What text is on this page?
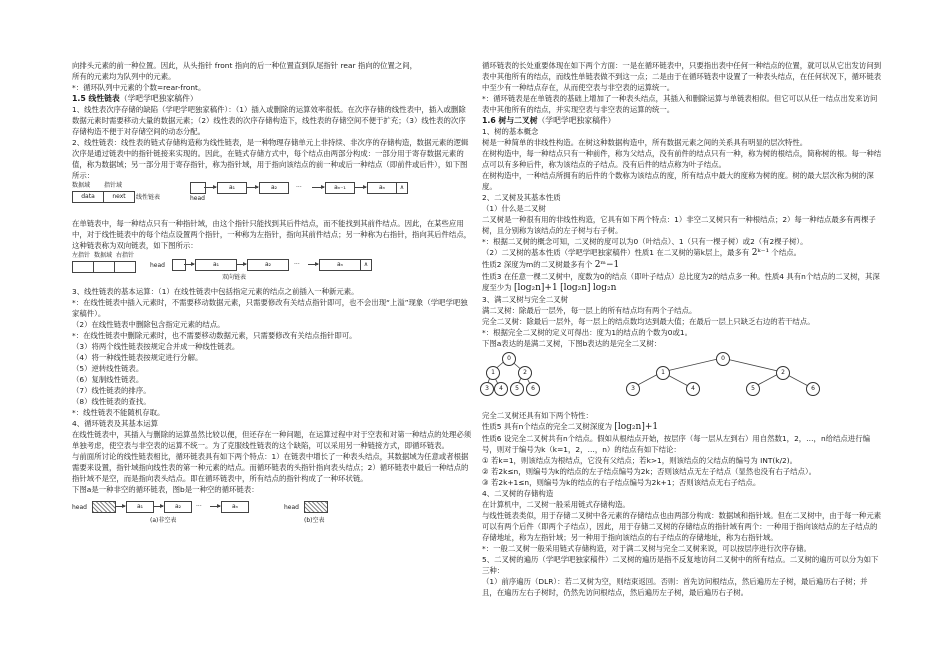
向排头元素的前一种位置。因此，从头指针 front 指向的后一种位置直到队尾指针 rear 指向的位置之间，

所有的元素均为队列中的元素。

*：循环队列中元素的个数=rear-front。

1.5 线性链表（学吧学吧独家稿件）

1、线性表次序存储的缺陷（学吧学吧独家稿件）：（1）插入或删除的运算效率很低。在次序存储的线性表中，插入或删除数据元素时需要移动大量的数据元素；（2）线性表的次序存储构造下，线性表的存储空间不便于扩充；（3）线性表的次序存储构造不便于对存储空间的动态分配。

2、线性链表：线性表的链式存储构造称为线性链表，是一种物理存储单元上非持续、非次序的存储构造，数据元素的逻辑次序是通过链表中的指针链接来实现的。因此，在链式存储方式中，每个结点由两部分构成：一部分用于寄存数据元素的值，称为数据域；另一部分用于寄存指针，称为指针域，用于指向该结点的前一种或后一种结点（即前件或后件），如下图所示：

数据域 指针域
data	next	线性链表
a₁	a₂	···	aₙ₋₁	aₙ	∧
head

在单链表中，每一种结点只有一种指针域，由这个指针只能找到其后件结点，而不能找到其前件结点。因此，在某些应用中，对于线性链表中的每个结点设置两个指针，一种称为左指针，指向其前件结点；另一种称为右指针，指向其后件结点，这种链表称为双向链表，如下图所示：

左指针 数据域 右指针
head	a₁	a₂	···	aₙ	∧
双向链表

3、线性链表的基本运算：（1）在线性链表中包括指定元素的结点之前插入一种新元素。

*：在线性链表中插入元素时，不需要移动数据元素，只需要修改有关结点指针即可，也不会出现“上溢”现象（学吧学吧独家稿件）。

（2）在线性链表中删除包含指定元素的结点。

*：在线性链表中删除元素时，也不需要移动数据元素，只需要修改有关结点指针即可。

（3）将两个线性链表按规定合并成一种线性链表。

（4）将一种线性链表按规定进行分解。

（5）逆转线性链表。

（6）复制线性链表。

（7）线性链表的排序。

（8）线性链表的查找。

*：线性链表不能随机存取。

4、循环链表及其基本运算

在线性链表中，其插入与删除的运算虽然比较以便，但还存在一种问题，在运算过程中对于空表和对第一种结点的处理必须单独考虑，使空表与非空表的运算不统一。为了克服线性链表的这个缺陷，可以采用另一种链接方式，即循环链表。

与前面所讨论的线性链表相比，循环链表具有如下两个特点：1）在链表中增长了一种表头结点，其数据域为任意或者根据需要来设置，指针域指向线性表的第一种元素的结点。而循环链表的头指针指向表头结点；2）循环链表中最后一种结点的指针域不是空，而是指向表头结点。即在循环链表中，所有结点的指针构成了一种环状链。

下图a是一种非空的循环链表，图b是一种空的循环链表：

head	a₁	a₂	···	aₙ
(a)非空表
head
(b)空表

循环链表的长处重要体现在如下两个方面：一是在循环链表中，只要指出表中任何一种结点的位置，就可以从它出发访问到表中其他所有的结点，而线性单链表做不到这一点；二是由于在循环链表中设置了一种表头结点，在任何状况下，循环链表中至少有一种结点存在，从而使空表与非空表的运算统一。

*：循环链表是在单链表的基础上增加了一种表头结点，其插入和删除运算与单链表相似。但它可以从任一结点出发来访问表中其他所有的结点，并实现空表与非空表的运算的统一。

1.6 树与二叉树（学吧学吧独家稿件）

1、树的基本概念

树是一种简单的非线性构造。在树这种数据构造中，所有数据元素之间的关系具有明显的层次特性。

在树构造中，每一种结点只有一种前件，称为父结点，没有前件的结点只有一种，称为树的根结点，简称树的根。每一种结点可以有多种后件，称为该结点的子结点。没有后件的结点称为叶子结点。

在树构造中，一种结点所拥有的后件的个数称为该结点的度，所有结点中最大的度称为树的度。树的最大层次称为树的深度。

2、二叉树及其基本性质

（1）什么是二叉树

二叉树是一种很有用的非线性构造，它具有如下两个特点：1）非空二叉树只有一种根结点；2）每一种结点最多有两棵子树，且分别称为该结点的左子树与右子树。

*：根据二叉树的概念可知，二叉树的度可以为0（叶结点）、1（只有一棵子树）或2（有2棵子树）。

（2）二叉树的基本性质（学吧学吧独家稿件）性质1 在二叉树的第k层上，最多有 2ᵏ⁻¹ 个结点。

性质2 深度为m的二叉树最多有个 2ᵐ−1

性质3 在任意一棵二叉树中，度数为0的结点（即叶子结点）总比度为2的结点多一种。性质4 具有n个结点的二叉树，其深度至少为 [log₂n]+1 [log₂n] log₂n

3、满二叉树与完全二叉树

满二叉树：除最后一层外，每一层上的所有结点均有两个子结点。

完全二叉树：除最后一层外，每一层上的结点数均达到最大值；在最后一层上只缺乏右边的若干结点。

*：根据完全二叉树的定义可得出：度为1的结点的个数为0或1。

下图a表达的是满二叉树，下图b表达的是完全二叉树：

0
1	2
3	4	5	6
0
1	2
3	4	5	6

完全二叉树还具有如下两个特性：

性质5 具有n个结点的完全二叉树深度为 [log₂n]+1

性质6 设完全二叉树共有n个结点。假如从根结点开始，按层序（每一层从左到右）用自然数1，2，…，n给结点进行编号，则对于编号为k（k=1，2，…，n）的结点有如下结论：

① 若k=1，则该结点为根结点，它没有父结点；若k>1，则该结点的父结点的编号为 INT(k/2)。

② 若2k≤n，则编号为k的结点的左子结点编号为2k；否则该结点无左子结点（显然也没有右子结点）。

③ 若2k+1≤n，则编号为k的结点的右子结点编号为2k+1；否则该结点无右子结点。

4、二叉树的存储构造

在计算机中，二叉树一般采用链式存储构造。

与线性链表类似，用于存储二叉树中各元素的存储结点也由两部分构成：数据域和指针域。但在二叉树中，由于每一种元素可以有两个后件（即两个子结点），因此，用于存储二叉树的存储结点的指针域有两个：一种用于指向该结点的左子结点的存储地址，称为左指针域；另一种用于指向该结点的右子结点的存储地址，称为右指针域。

*：一般二叉树一般采用链式存储构造，对于满二叉树与完全二叉树来说，可以按层序进行次序存储。

5、二叉树的遍历（学吧学吧独家稿件）二叉树的遍历是指不反复地访问二叉树中的所有结点。二叉树的遍历可以分为如下三种：

（1）前序遍历（DLR）：若二叉树为空，则结束返回。否则：首先访问根结点，然后遍历左子树，最后遍历右子树；并且，在遍历左右子树时，仍然先访问根结点，然后遍历左子树，最后遍历右子树。
